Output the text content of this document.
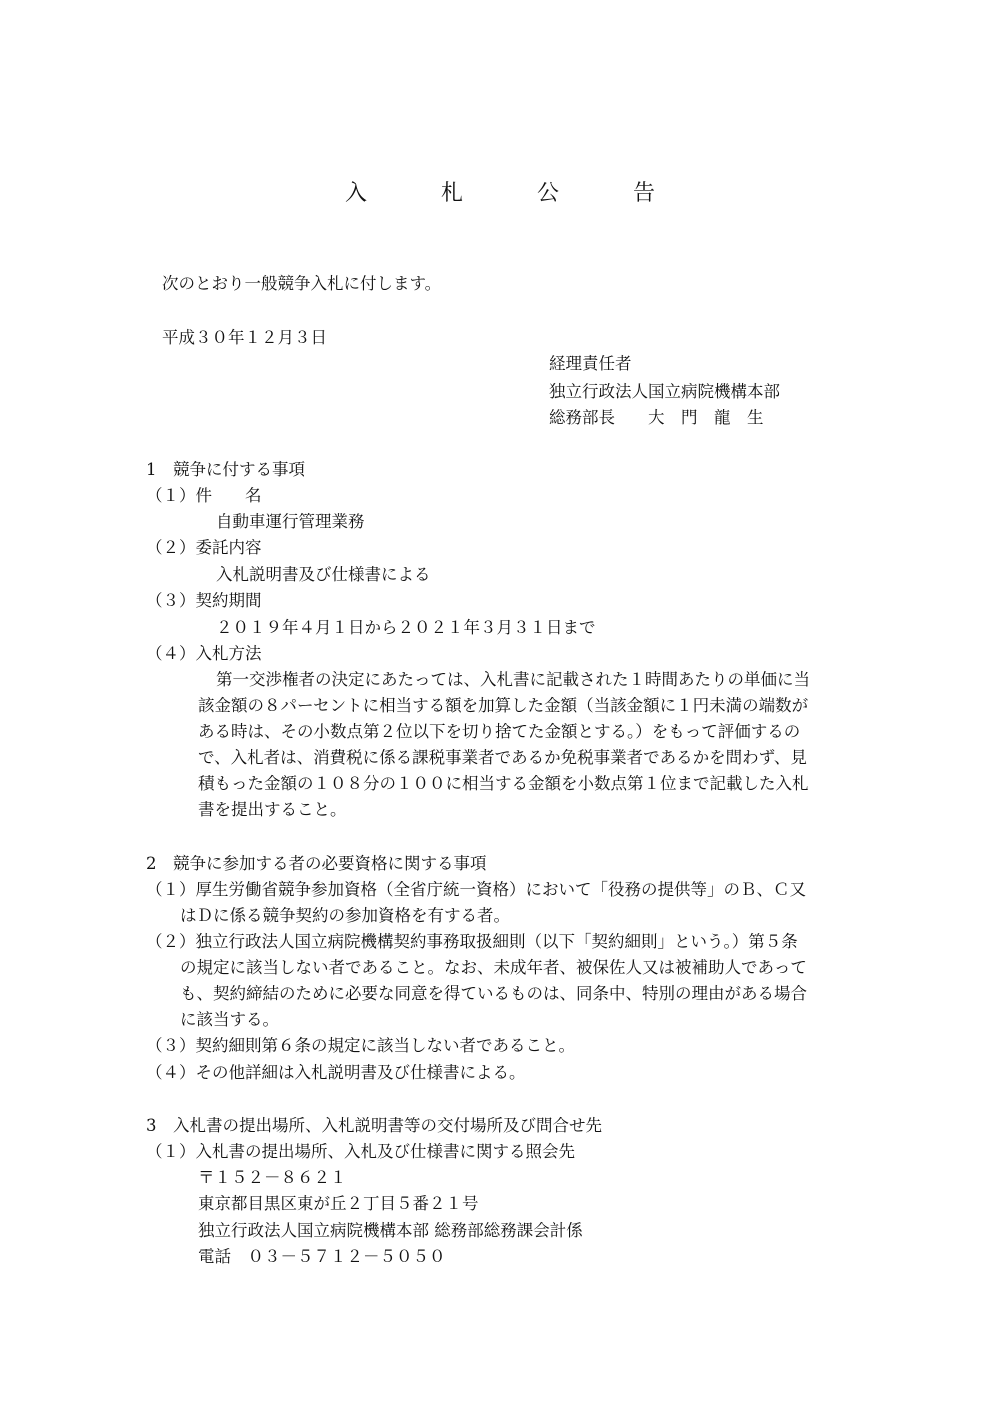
入　札　公　告

次のとおり一般競争入札に付します。

平成３０年１２月３日

経理責任者

独立行政法人国立病院機構本部

総務部長　　大　門　龍　生

1　競争に付する事項

（１）件　　名

自動車運行管理業務

（２）委託内容

入札説明書及び仕様書による

（３）契約期間

２０１９年４月１日から２０２１年３月３１日まで

（４）入札方法

第一交渉権者の決定にあたっては、入札書に記載された１時間あたりの単価に当

該金額の８パーセントに相当する額を加算した金額（当該金額に１円未満の端数が

ある時は、その小数点第２位以下を切り捨てた金額とする。）をもって評価するの

で、入札者は、消費税に係る課税事業者であるか免税事業者であるかを問わず、見

積もった金額の１０８分の１００に相当する金額を小数点第１位まで記載した入札

書を提出すること。

2　競争に参加する者の必要資格に関する事項

（１）厚生労働省競争参加資格（全省庁統一資格）において「役務の提供等」のＢ、Ｃ又

はＤに係る競争契約の参加資格を有する者。

（２）独立行政法人国立病院機構契約事務取扱細則（以下「契約細則」という。）第５条

の規定に該当しない者であること。なお、未成年者、被保佐人又は被補助人であって

も、契約締結のために必要な同意を得ているものは、同条中、特別の理由がある場合

に該当する。

（３）契約細則第６条の規定に該当しない者であること。

（４）その他詳細は入札説明書及び仕様書による。

3　入札書の提出場所、入札説明書等の交付場所及び問合せ先

（１）入札書の提出場所、入札及び仕様書に関する照会先

〒１５２－８６２１

東京都目黒区東が丘２丁目５番２１号

独立行政法人国立病院機構本部 総務部総務課会計係

電話　０３－５７１２－５０５０
